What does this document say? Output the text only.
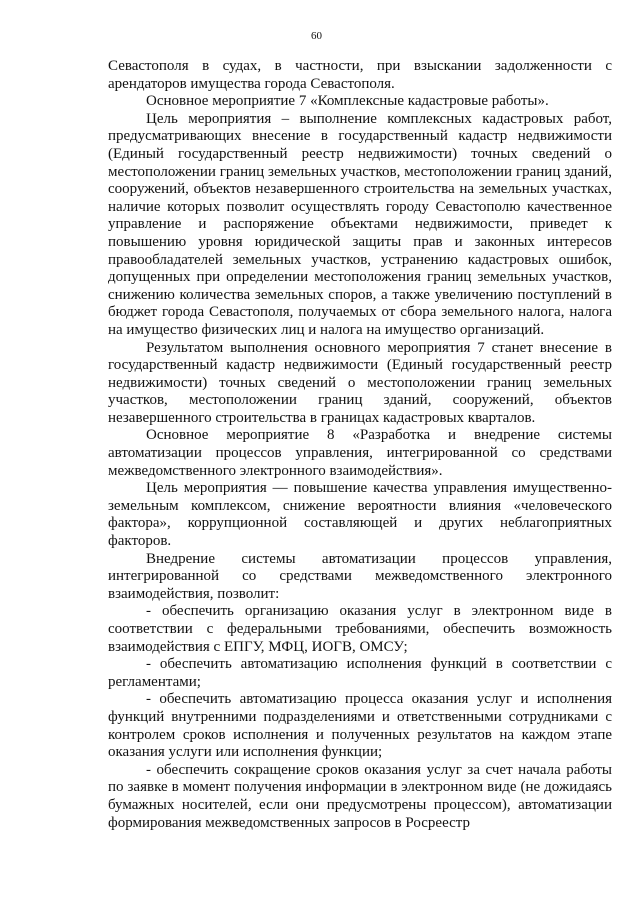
60

Севастополя в судах, в частности, при взыскании задолженности с арендаторов имущества города Севастополя.

Основное мероприятие 7 «Комплексные кадастровые работы».

Цель мероприятия – выполнение комплексных кадастровых работ, предусматривающих внесение в государственный кадастр недвижимости (Единый государственный реестр недвижимости) точных сведений о местоположении границ земельных участков, местоположении границ зданий, сооружений, объектов незавершенного строительства на земельных участках, наличие которых позволит осуществлять городу Севастополю качественное управление и распоряжение объектами недвижимости, приведет к повышению уровня юридической защиты прав и законных интересов правообладателей земельных участков, устранению кадастровых ошибок, допущенных при определении местоположения границ земельных участков, снижению количества земельных споров, а также увеличению поступлений в бюджет города Севастополя, получаемых от сбора земельного налога, налога на имущество физических лиц и налога на имущество организаций.

Результатом выполнения основного мероприятия 7 станет внесение в государственный кадастр недвижимости (Единый государственный реестр недвижимости) точных сведений о местоположении границ земельных участков, местоположении границ зданий, сооружений, объектов незавершенного строительства в границах кадастровых кварталов.

Основное мероприятие 8 «Разработка и внедрение системы автоматизации процессов управления, интегрированной со средствами межведомственного электронного взаимодействия».

Цель мероприятия — повышение качества управления имущественно-земельным комплексом, снижение вероятности влияния «человеческого фактора», коррупционной составляющей и других неблагоприятных факторов.

Внедрение системы автоматизации процессов управления, интегрированной со средствами межведомственного электронного взаимодействия, позволит:

- обеспечить организацию оказания услуг в электронном виде в соответствии с федеральными требованиями, обеспечить возможность взаимодействия с ЕПГУ, МФЦ, ИОГВ, ОМСУ;

- обеспечить автоматизацию исполнения функций в соответствии с регламентами;

- обеспечить автоматизацию процесса оказания услуг и исполнения функций внутренними подразделениями и ответственными сотрудниками с контролем сроков исполнения и полученных результатов на каждом этапе оказания услуги или исполнения функции;

- обеспечить сокращение сроков оказания услуг за счет начала работы по заявке в момент получения информации в электронном виде (не дожидаясь бумажных носителей, если они предусмотрены процессом), автоматизации формирования межведомственных запросов в Росреестр
